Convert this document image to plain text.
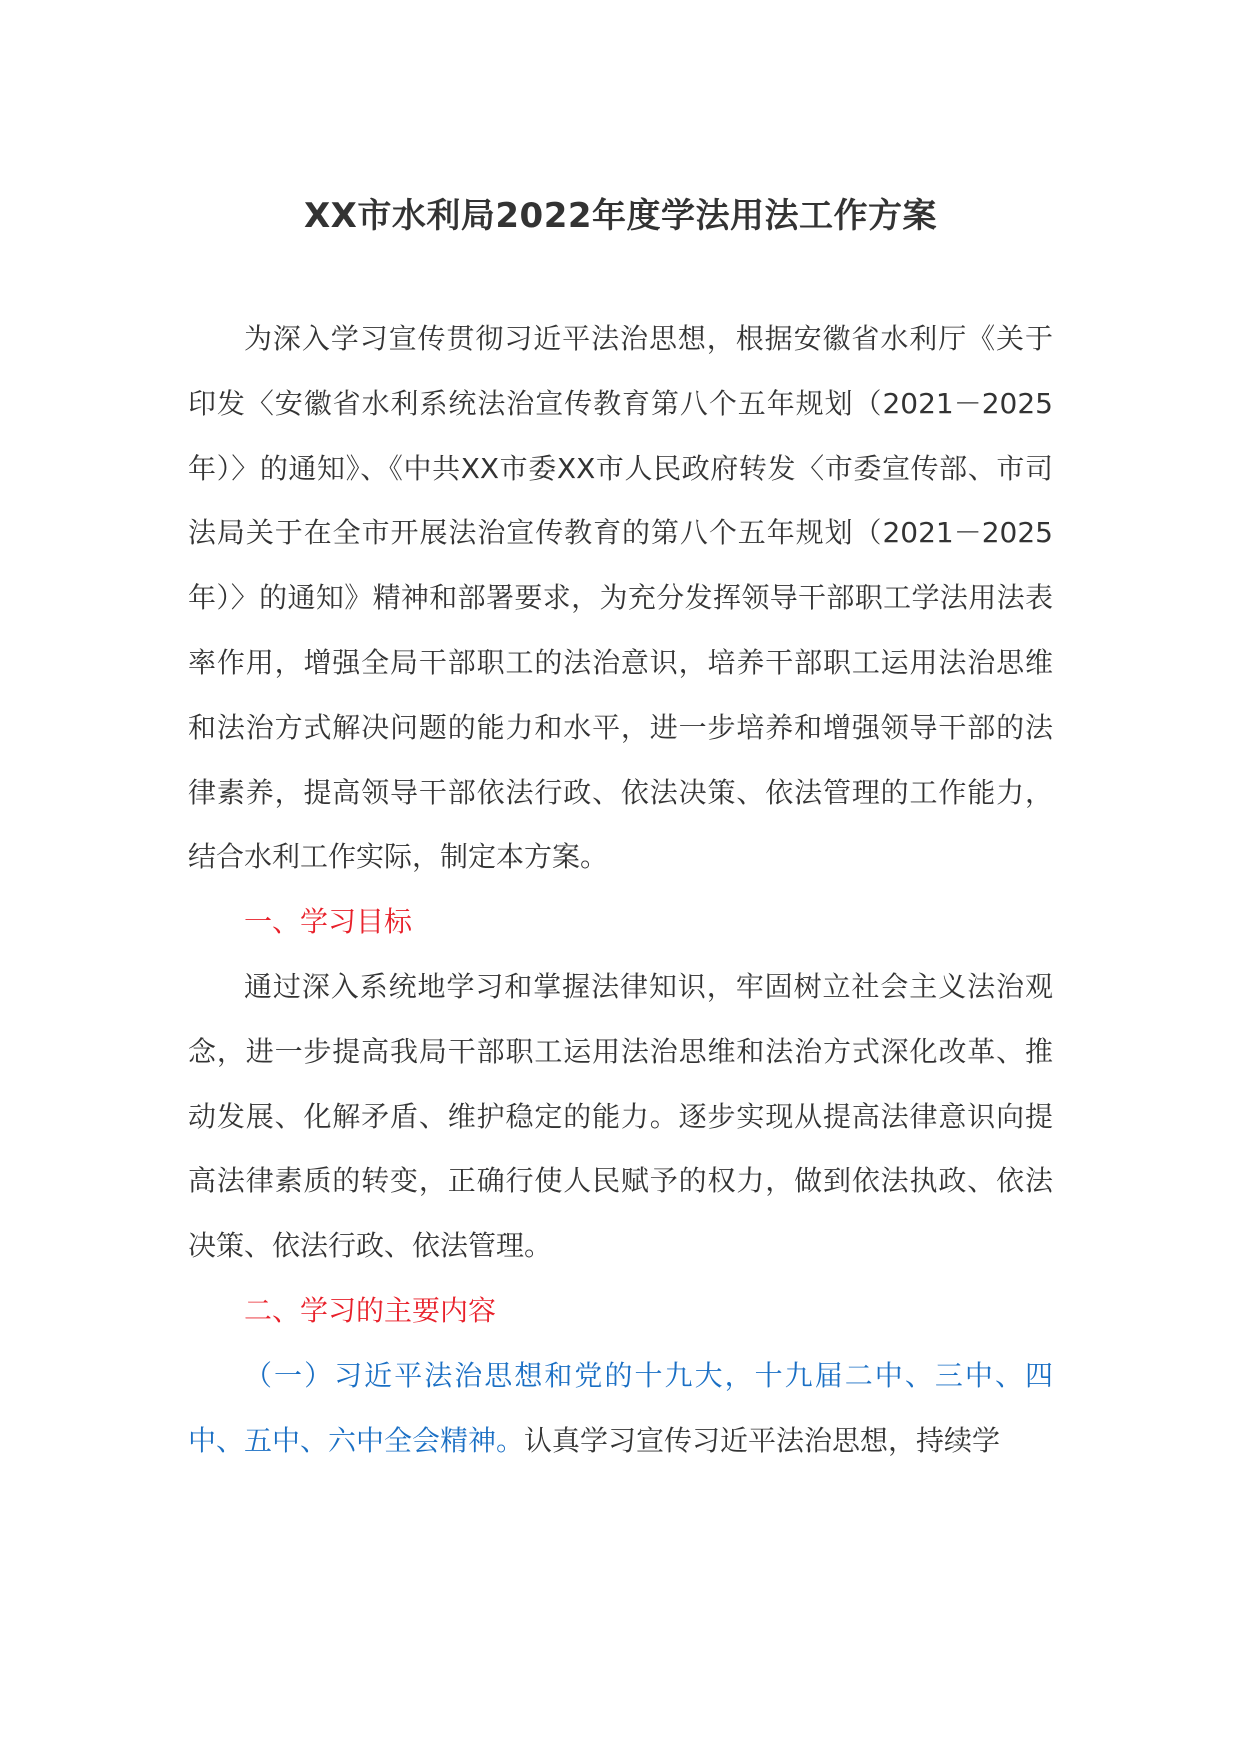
XX市水利局2022年度学法用法工作方案

为深入学习宣传贯彻习近平法治思想，根据安徽省水利厅《关于印发〈安徽省水利系统法治宣传教育第八个五年规划（2021－2025年）〉的通知》、《中共XX市委XX市人民政府转发〈市委宣传部、市司法局关于在全市开展法治宣传教育的第八个五年规划（2021－2025年）〉的通知》精神和部署要求，为充分发挥领导干部职工学法用法表率作用，增强全局干部职工的法治意识，培养干部职工运用法治思维和法治方式解决问题的能力和水平，进一步培养和增强领导干部的法律素养，提高领导干部依法行政、依法决策、依法管理的工作能力，结合水利工作实际，制定本方案。

一、学习目标

通过深入系统地学习和掌握法律知识，牢固树立社会主义法治观念，进一步提高我局干部职工运用法治思维和法治方式深化改革、推动发展、化解矛盾、维护稳定的能力。逐步实现从提高法律意识向提高法律素质的转变，正确行使人民赋予的权力，做到依法执政、依法决策、依法行政、依法管理。

二、学习的主要内容

（一）习近平法治思想和党的十九大，十九届二中、三中、四中、五中、六中全会精神。认真学习宣传习近平法治思想，持续学
